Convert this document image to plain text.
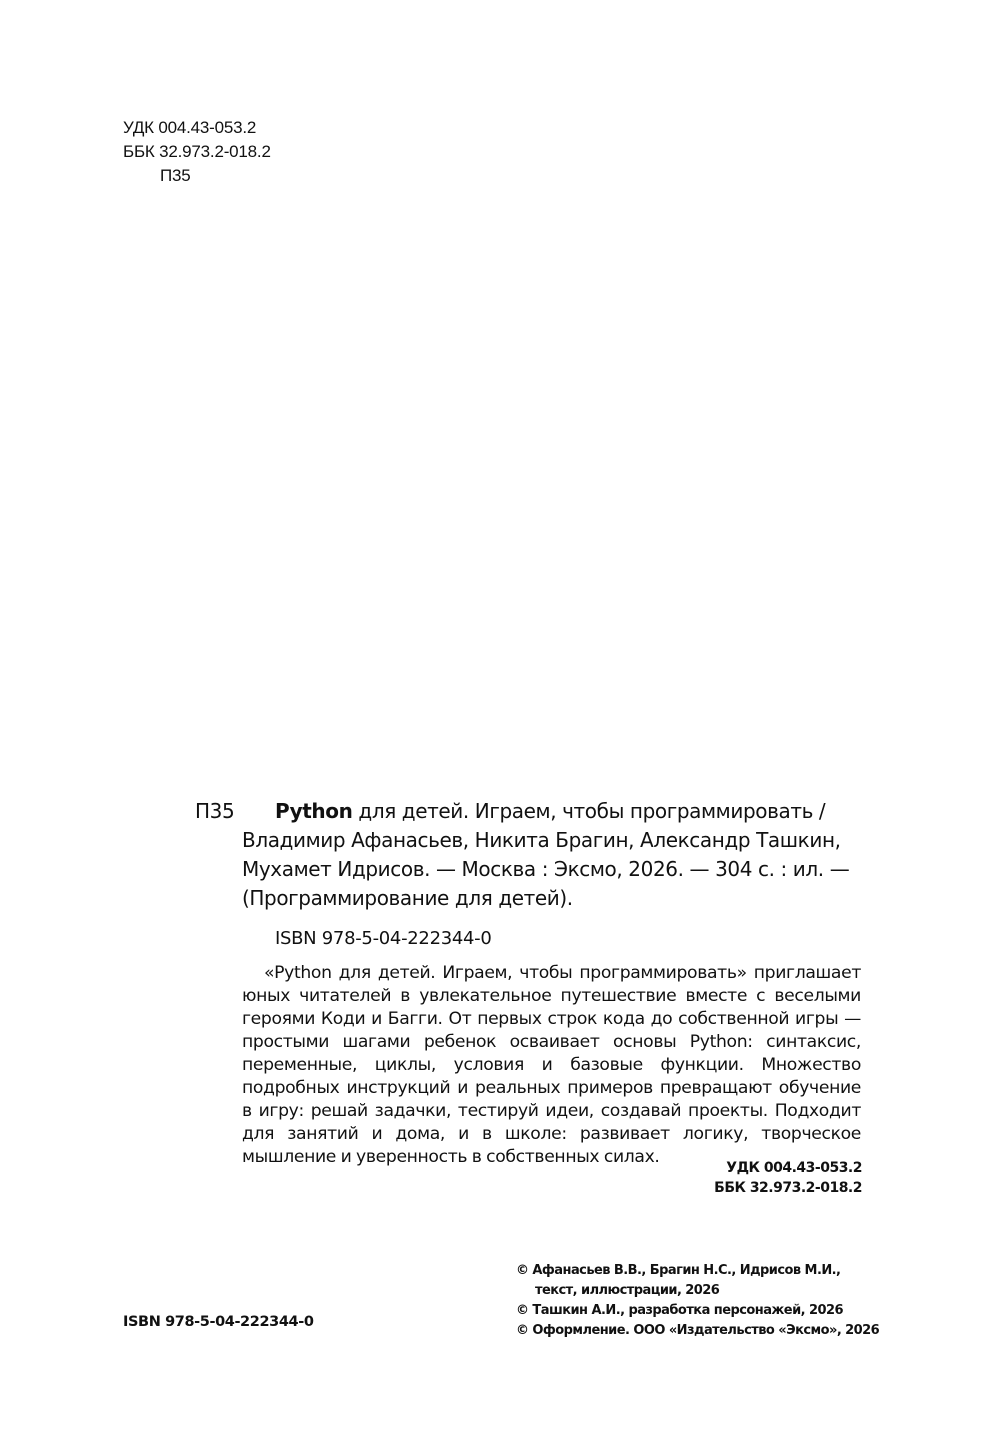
УДК 004.43-053.2
ББК 32.973.2-018.2
П35
П35 Python для детей. Играем, чтобы программировать /
Владимир Афанасьев, Никита Брагин, Александр Ташкин,
Мухамет Идрисов. — Москва : Эксмо, 2026. — 304 с. : ил. —
(Программирование для детей).
ISBN 978-5-04-222344-0

«Python для детей. Играем, чтобы программировать» приглашает юных читателей в увлекательное путешествие вместе с веселыми героями Коди и Багги. От первых строк кода до собственной игры — простыми шагами ребенок осваивает основы Python: синтаксис, переменные, циклы, условия и базовые функции. Множество подробных инструкций и реальных примеров превращают обучение в игру: решай задачки, тестируй идеи, создавай проекты. Подходит для занятий и дома, и в школе: развивает логику, творческое мышление и уверенность в собственных силах.

УДК 004.43-053.2
ББК 32.973.2-018.2
ISBN 978-5-04-222344-0
© Афанасьев В.В., Брагин Н.С., Идрисов М.И.,
текст, иллюстрации, 2026
© Ташкин А.И., разработка персонажей, 2026
© Оформление. ООО «Издательство «Эксмо», 2026
